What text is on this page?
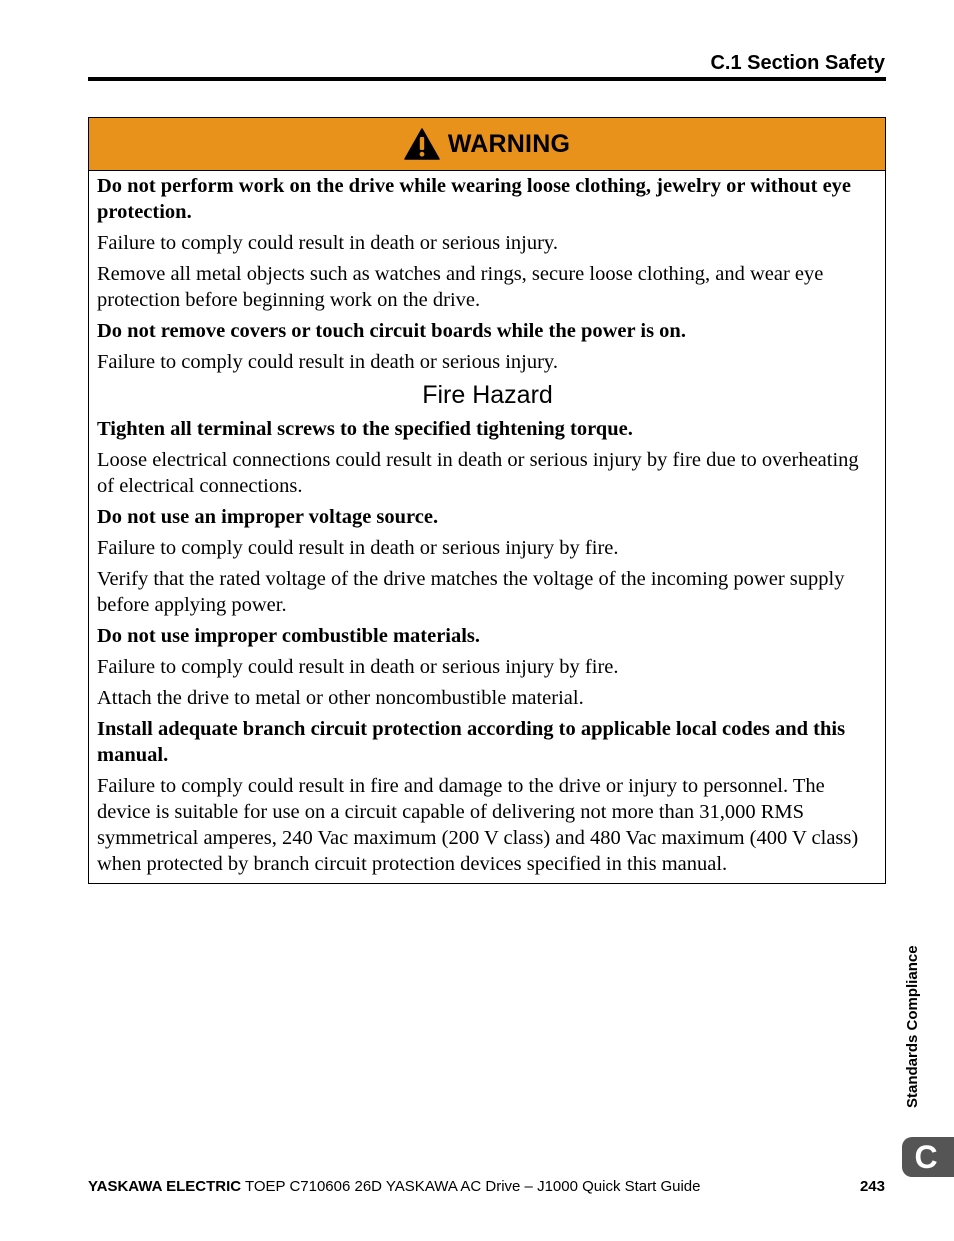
C.1 Section Safety
WARNING

Do not perform work on the drive while wearing loose clothing, jewelry or without eye protection.

Failure to comply could result in death or serious injury.

Remove all metal objects such as watches and rings, secure loose clothing, and wear eye protection before beginning work on the drive.

Do not remove covers or touch circuit boards while the power is on.

Failure to comply could result in death or serious injury.

Fire Hazard

Tighten all terminal screws to the specified tightening torque.

Loose electrical connections could result in death or serious injury by fire due to overheating of electrical connections.

Do not use an improper voltage source.

Failure to comply could result in death or serious injury by fire.

Verify that the rated voltage of the drive matches the voltage of the incoming power supply before applying power.

Do not use improper combustible materials.

Failure to comply could result in death or serious injury by fire.

Attach the drive to metal or other noncombustible material.

Install adequate branch circuit protection according to applicable local codes and this manual.

Failure to comply could result in fire and damage to the drive or injury to personnel. The device is suitable for use on a circuit capable of delivering not more than 31,000 RMS symmetrical amperes, 240 Vac maximum (200 V class) and 480 Vac maximum (400 V class) when protected by branch circuit protection devices specified in this manual.

Standards Compliance
C
YASKAWA ELECTRIC TOEP C710606 26D YASKAWA AC Drive – J1000 Quick Start Guide	243
